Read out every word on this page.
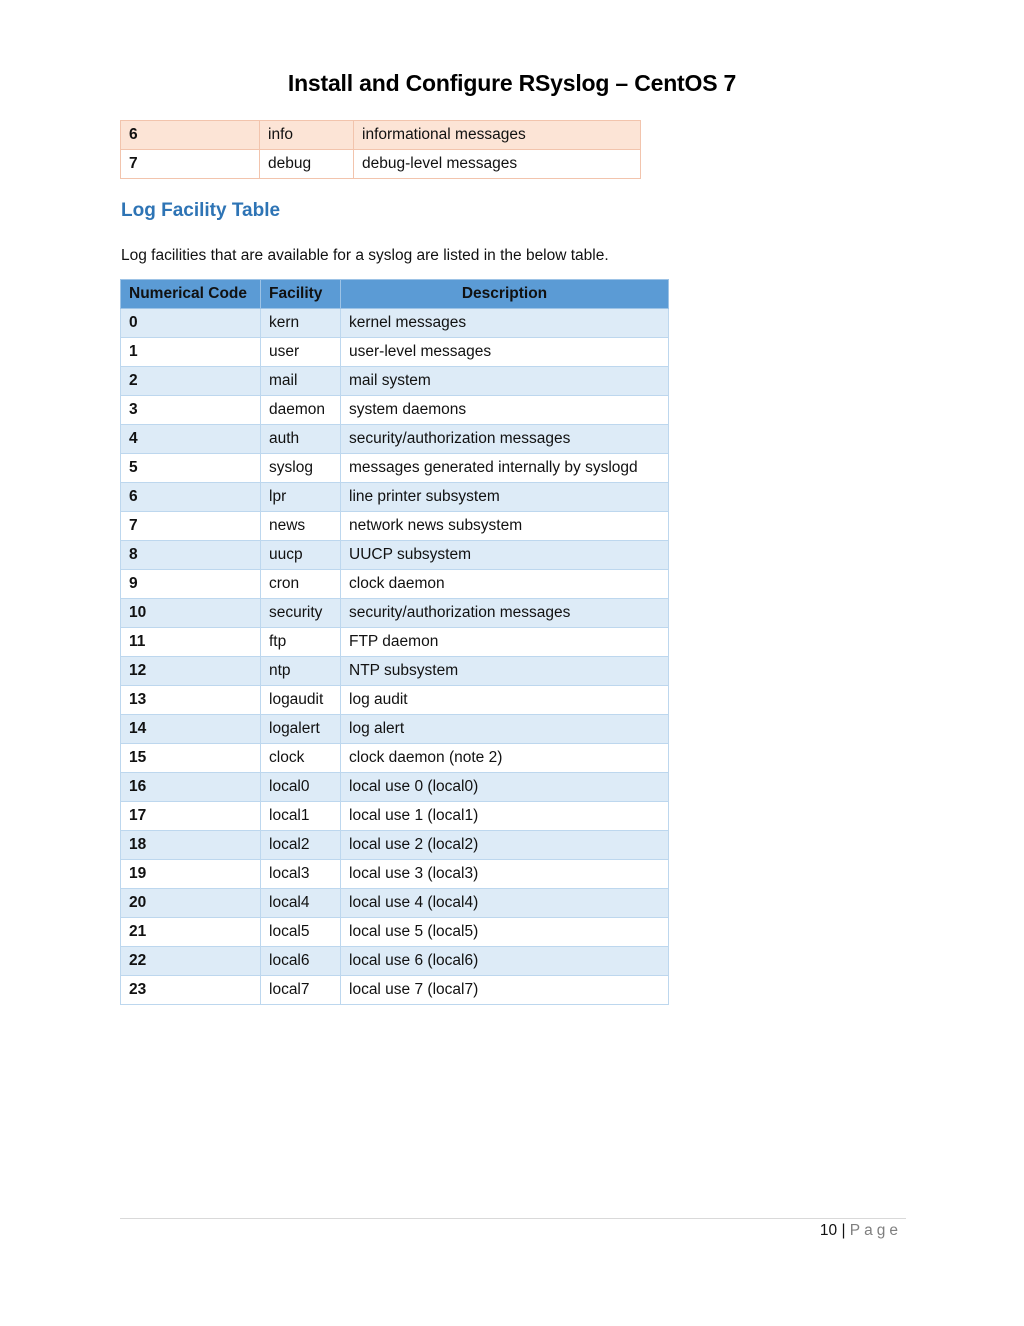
Install and Configure RSyslog – CentOS 7
6	info	informational messages
7	debug	debug-level messages
Log Facility Table
Log facilities that are available for a syslog are listed in the below table.
Numerical Code	Facility	Description
0	kern	kernel messages
1	user	user-level messages
2	mail	mail system
3	daemon	system daemons
4	auth	security/authorization messages
5	syslog	messages generated internally by syslogd
6	lpr	line printer subsystem
7	news	network news subsystem
8	uucp	UUCP subsystem
9	cron	clock daemon
10	security	security/authorization messages
11	ftp	FTP daemon
12	ntp	NTP subsystem
13	logaudit	log audit
14	logalert	log alert
15	clock	clock daemon (note 2)
16	local0	local use 0 (local0)
17	local1	local use 1 (local1)
18	local2	local use 2 (local2)
19	local3	local use 3 (local3)
20	local4	local use 4 (local4)
21	local5	local use 5 (local5)
22	local6	local use 6 (local6)
23	local7	local use 7 (local7)
10 | Page
